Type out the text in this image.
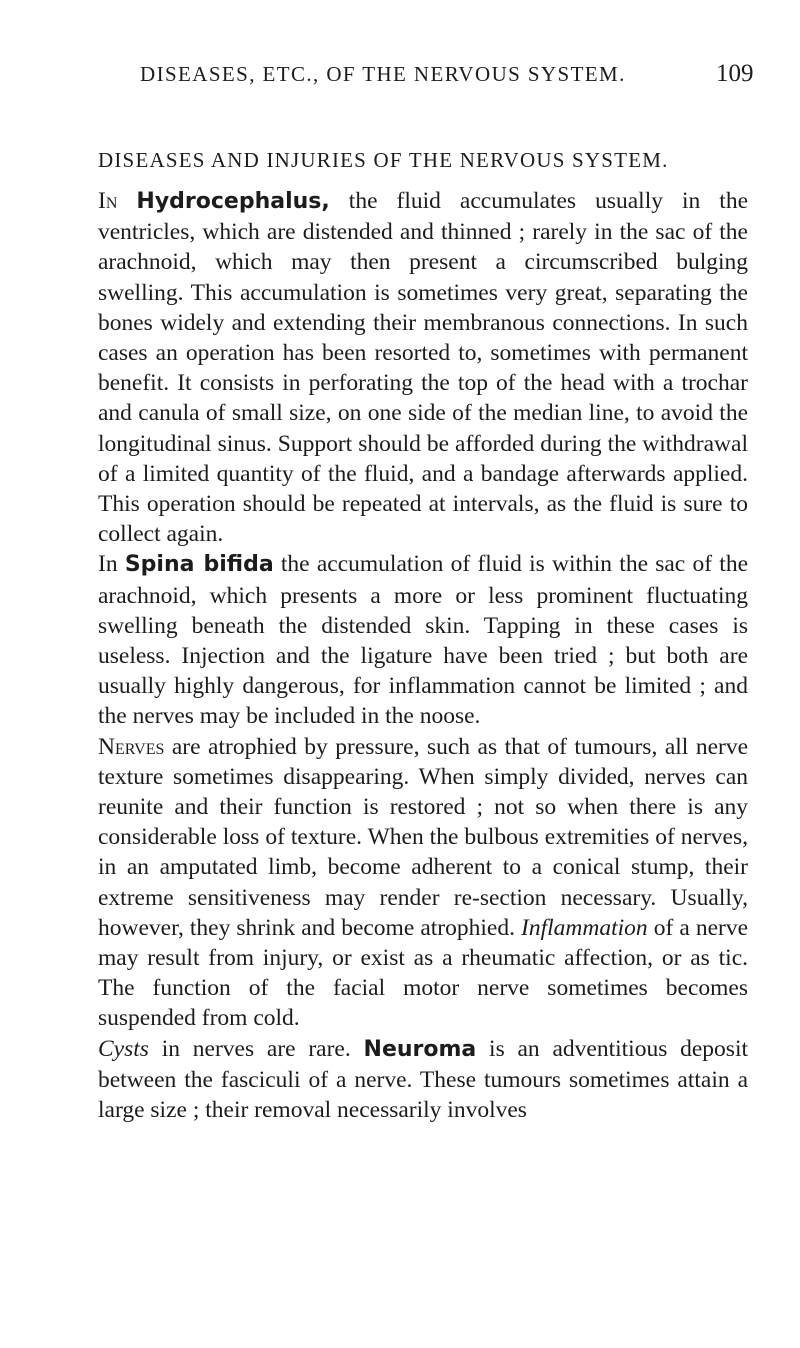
DISEASES, ETC., OF THE NERVOUS SYSTEM.	109
DISEASES AND INJURIES OF THE NERVOUS SYSTEM.

In Hydrocephalus, the fluid accumulates usually in the ventricles, which are distended and thinned ; rarely in the sac of the arachnoid, which may then present a circumscribed bulging swelling. This accumulation is sometimes very great, separating the bones widely and extending their membranous connections. In such cases an operation has been resorted to, sometimes with permanent benefit. It consists in perforating the top of the head with a trochar and canula of small size, on one side of the median line, to avoid the longitudinal sinus. Support should be afforded during the withdrawal of a limited quantity of the fluid, and a bandage afterwards applied. This operation should be repeated at intervals, as the fluid is sure to collect again.

In Spina bifida the accumulation of fluid is within the sac of the arachnoid, which presents a more or less prominent fluctuating swelling beneath the distended skin. Tapping in these cases is useless. Injection and the ligature have been tried ; but both are usually highly dangerous, for inflammation cannot be limited ; and the nerves may be included in the noose.

Nerves are atrophied by pressure, such as that of tumours, all nerve texture sometimes disappearing. When simply divided, nerves can reunite and their function is restored ; not so when there is any considerable loss of texture. When the bulbous extremities of nerves, in an amputated limb, become adherent to a conical stump, their extreme sensitiveness may render re-section necessary. Usually, however, they shrink and become atrophied. Inflammation of a nerve may result from injury, or exist as a rheumatic affection, or as tic. The function of the facial motor nerve sometimes becomes suspended from cold.

Cysts in nerves are rare. Neuroma is an adventitious deposit between the fasciculi of a nerve. These tumours sometimes attain a large size ; their removal necessarily involves
